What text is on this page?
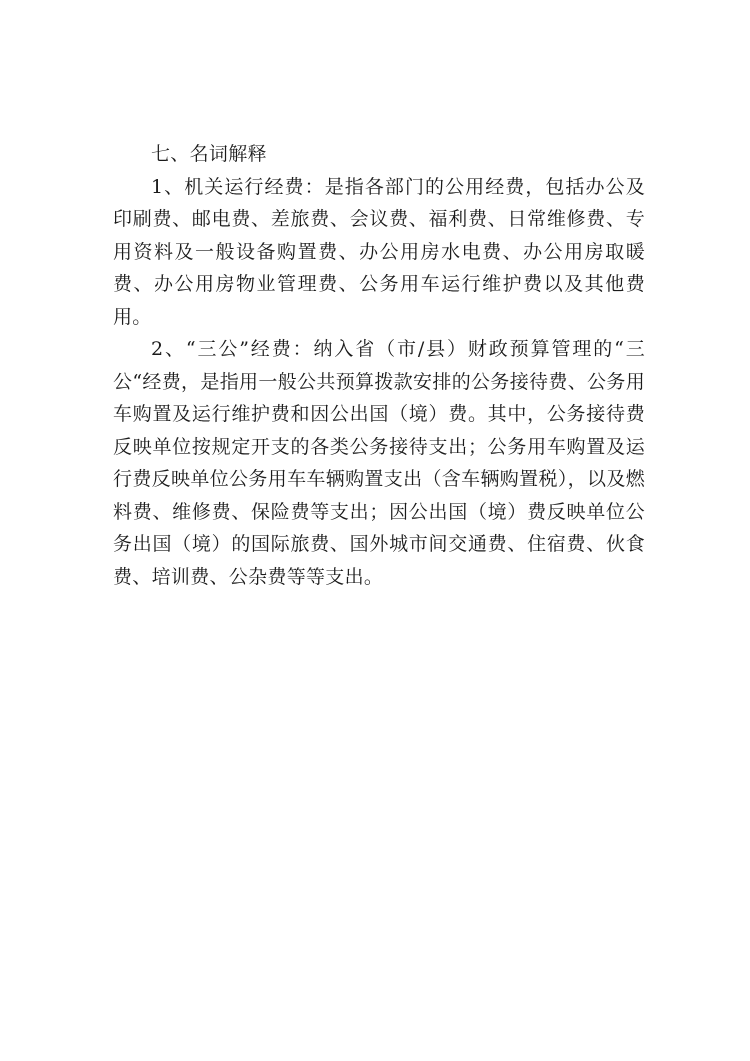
七、名词解释

1、机关运行经费：是指各部门的公用经费，包括办公及印刷费、邮电费、差旅费、会议费、福利费、日常维修费、专用资料及一般设备购置费、办公用房水电费、办公用房取暖费、办公用房物业管理费、公务用车运行维护费以及其他费用。

2、“三公”经费：纳入省（市/县）财政预算管理的“三公“经费，是指用一般公共预算拨款安排的公务接待费、公务用车购置及运行维护费和因公出国（境）费。其中，公务接待费反映单位按规定开支的各类公务接待支出；公务用车购置及运行费反映单位公务用车车辆购置支出（含车辆购置税），以及燃料费、维修费、保险费等支出；因公出国（境）费反映单位公务出国（境）的国际旅费、国外城市间交通费、住宿费、伙食费、培训费、公杂费等等支出。
